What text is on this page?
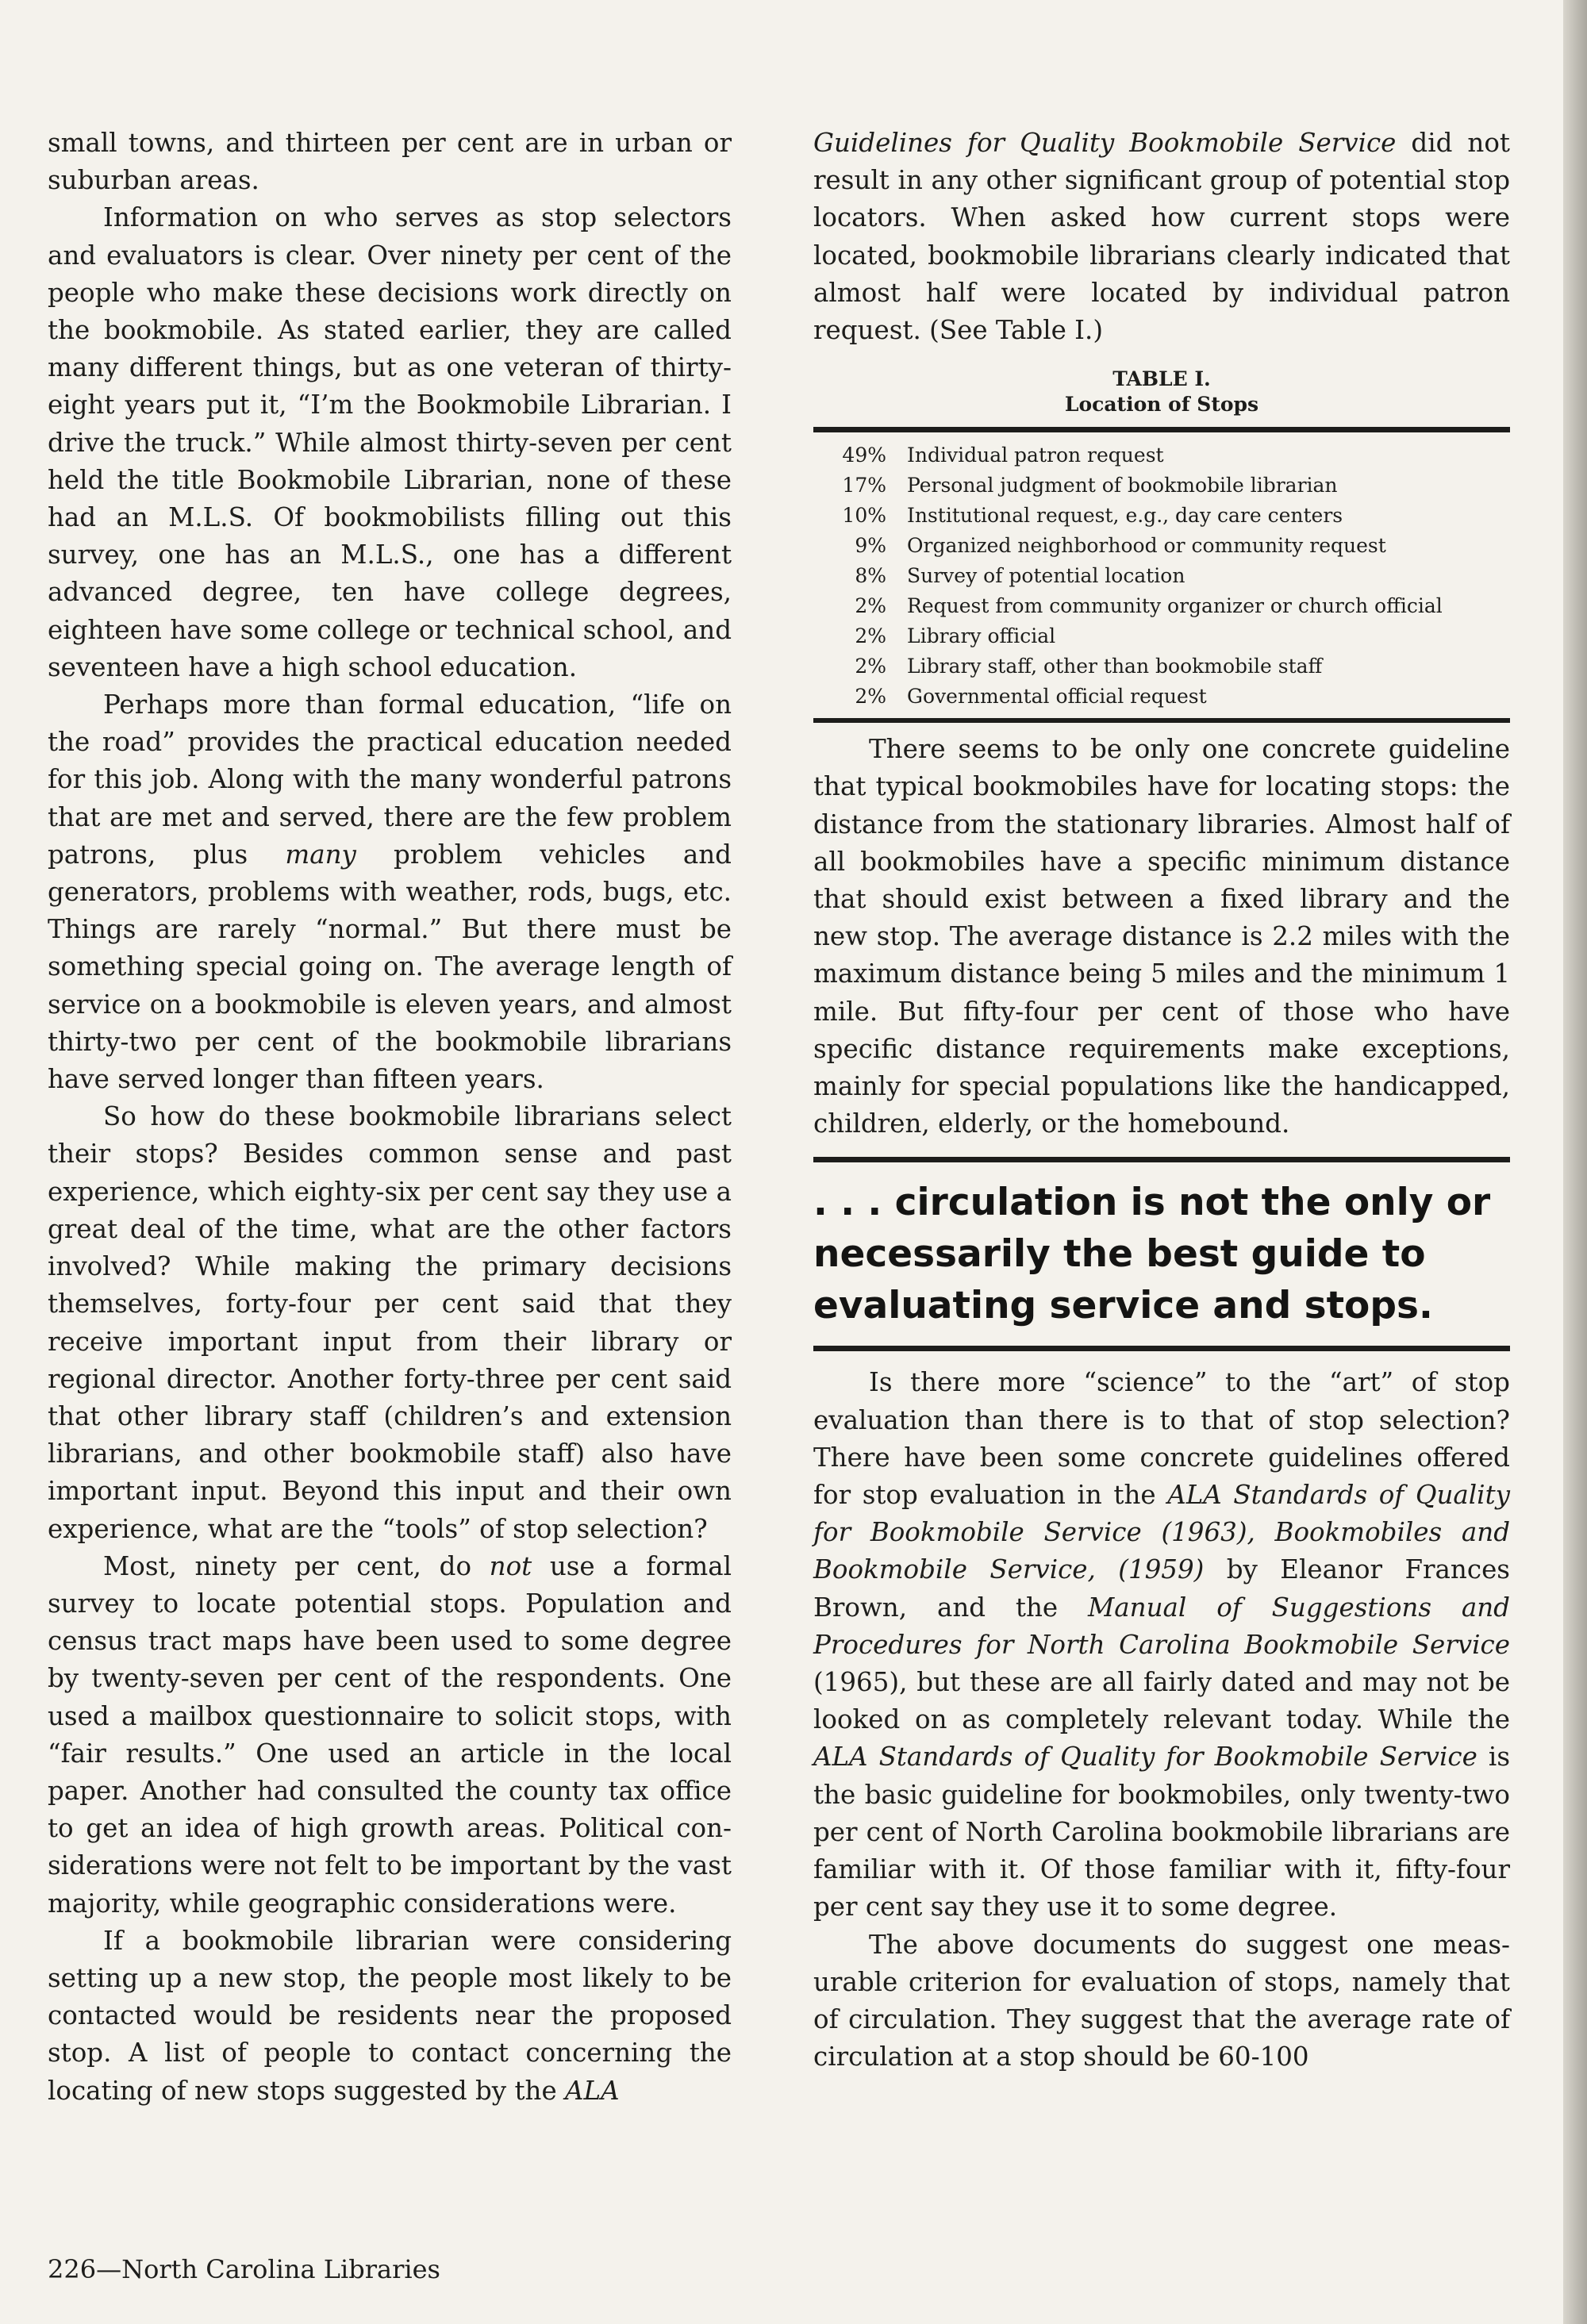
small towns, and thirteen per cent are in urban or suburban areas.

Information on who serves as stop selectors and evaluators is clear. Over ninety per cent of the people who make these decisions work directly on the bookmobile. As stated earlier, they are called many different things, but as one veteran of thirty-eight years put it, “I’m the Bookmobile Librarian. I drive the truck.” While almost thirty-seven per cent held the title Bookmobile Librarian, none of these had an M.L.S. Of bookmobilists filling out this survey, one has an M.L.S., one has a different advanced degree, ten have college degrees, eighteen have some college or technical school, and seventeen have a high school education.

Perhaps more than formal education, “life on the road” provides the practical education needed for this job. Along with the many wonderful patrons that are met and served, there are the few problem patrons, plus many problem vehicles and generators, problems with weather, rods, bugs, etc. Things are rarely “normal.” But there must be something special going on. The average length of service on a bookmobile is eleven years, and almost thirty-two per cent of the bookmobile librarians have served longer than fifteen years.

So how do these bookmobile librarians select their stops? Besides common sense and past experience, which eighty-six per cent say they use a great deal of the time, what are the other factors involved? While making the primary decisions themselves, forty-four per cent said that they receive important input from their library or regional director. Another forty-three per cent said that other library staff (children’s and extension librarians, and other bookmobile staff) also have important input. Beyond this input and their own experience, what are the “tools” of stop selection?

Most, ninety per cent, do not use a formal survey to locate potential stops. Population and census tract maps have been used to some degree by twenty-seven per cent of the respondents. One used a mailbox questionnaire to solicit stops, with “fair results.” One used an article in the local paper. Another had consulted the county tax office to get an idea of high growth areas. Political considerations were not felt to be important by the vast majority, while geographic considerations were.

If a bookmobile librarian were considering setting up a new stop, the people most likely to be contacted would be residents near the proposed stop. A list of people to contact concerning the locating of new stops suggested by the ALA

Guidelines for Quality Bookmobile Service did not result in any other significant group of potential stop locators. When asked how current stops were located, bookmobile librarians clearly indicated that almost half were located by individual patron request. (See Table I.)

TABLE I.

Location of Stops

49%	Individual patron request
17%	Personal judgment of bookmobile librarian
10%	Institutional request, e.g., day care centers
9%	Organized neighborhood or community request
8%	Survey of potential location
2%	Request from community organizer or church official
2%	Library official
2%	Library staff, other than bookmobile staff
2%	Governmental official request

There seems to be only one concrete guideline that typical bookmobiles have for locating stops: the distance from the stationary libraries. Almost half of all bookmobiles have a specific minimum distance that should exist between a fixed library and the new stop. The average distance is 2.2 miles with the maximum distance being 5 miles and the minimum 1 mile. But fifty-four per cent of those who have specific distance requirements make exceptions, mainly for special populations like the handicapped, children, elderly, or the homebound.

. . . circulation is not the only or necessarily the best guide to evaluating service and stops.

Is there more “science” to the “art” of stop evaluation than there is to that of stop selection? There have been some concrete guidelines offered for stop evaluation in the ALA Standards of Quality for Bookmobile Service (1963), Bookmobiles and Bookmobile Service, (1959) by Eleanor Frances Brown, and the Manual of Suggestions and Procedures for North Carolina Bookmobile Service (1965), but these are all fairly dated and may not be looked on as completely relevant today. While the ALA Standards of Quality for Bookmobile Service is the basic guideline for bookmobiles, only twenty-two per cent of North Carolina bookmobile librarians are familiar with it. Of those familiar with it, fifty-four per cent say they use it to some degree.

The above documents do suggest one measurable criterion for evaluation of stops, namely that of circulation. They suggest that the average rate of circulation at a stop should be 60-100

226—North Carolina Libraries
